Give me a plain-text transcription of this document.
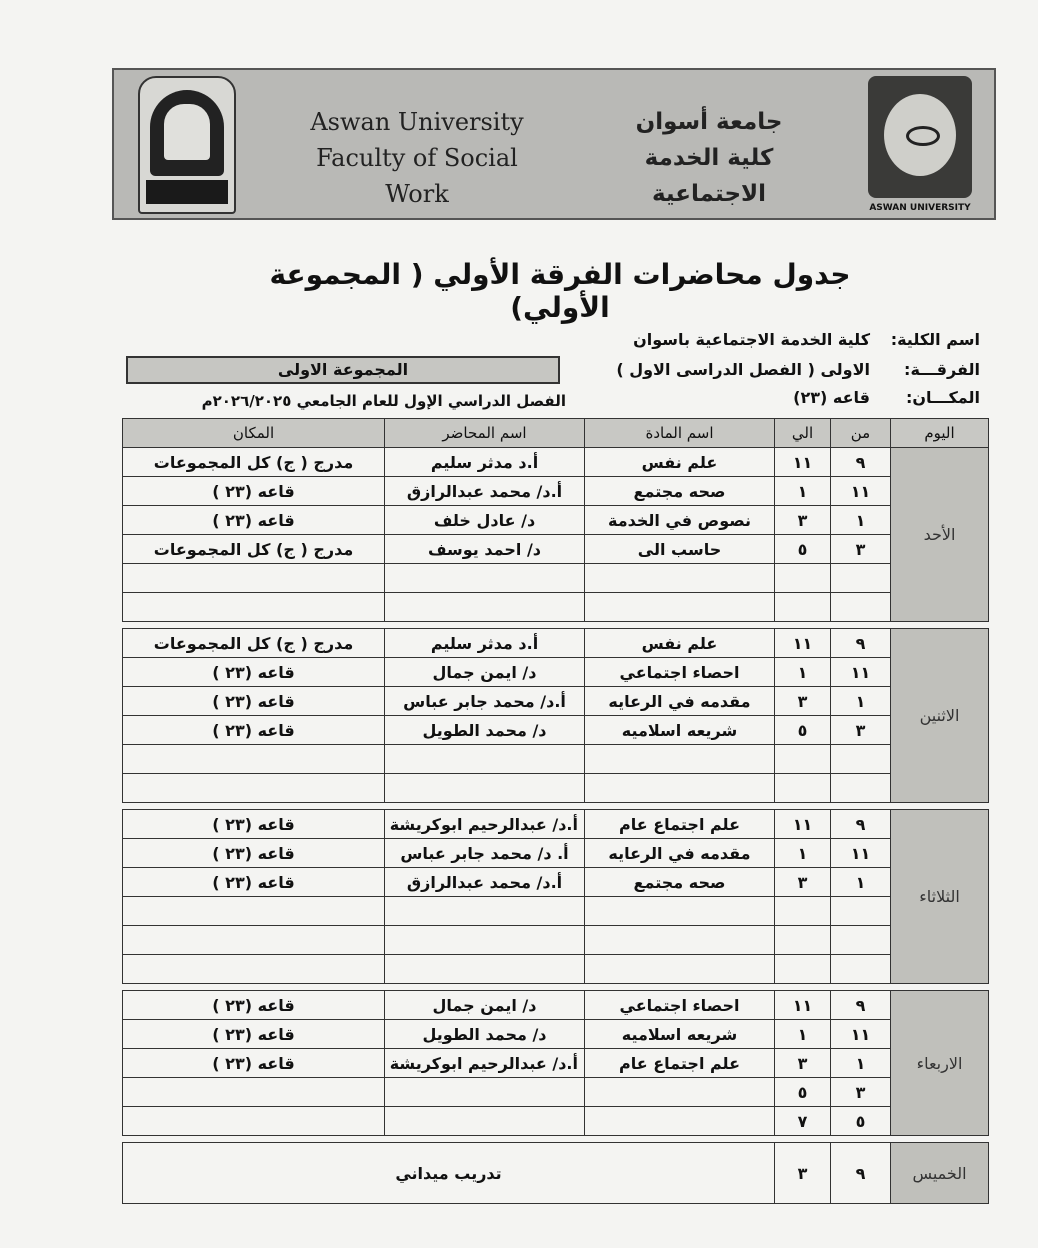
Aswan University
Faculty of Social Work
جامعة أسوان
كلية الخدمة الاجتماعية
ASWAN UNIVERSITY
جدول محاضرات الفرقة الأولي ( المجموعة الأولي)
اسم الكلية:
كلية الخدمة الاجتماعية باسوان
الفرقـــة:
الاولى ( الفصل الدراسى الاول )
المكـــان:
قاعه (٢٣)
المجموعة الاولى
الفصل الدراسي الإول للعام الجامعي ٢٠٢٦/٢٠٢٥م
اليوم	من	الي	اسم المادة	اسم المحاضر	المكان
الأحد	٩	١١	علم نفس	أ.د مدثر سليم	مدرج ( ج) كل المجموعات
	١١	١	صحه مجتمع	أ.د/ محمد عبدالرازق	قاعه (٢٣ )
	١	٣	نصوص في الخدمة	د/ عادل خلف	قاعه (٢٣ )
	٣	٥	حاسب الى	د/ احمد يوسف	مدرج ( ج) كل المجموعات

الاثنين	٩	١١	علم نفس	أ.د مدثر سليم	مدرج ( ج) كل المجموعات
	١١	١	احصاء اجتماعي	د/ ايمن جمال	قاعه (٢٣ )
	١	٣	مقدمه في الرعايه	أ.د/ محمد جابر عباس	قاعه (٢٣ )
	٣	٥	شريعه اسلاميه	د/ محمد الطويل	قاعه (٢٣ )

الثلاثاء	٩	١١	علم اجتماع عام	أ.د/ عبدالرحيم ابوكريشة	قاعه (٢٣ )
	١١	١	مقدمه في الرعايه	أ. د/ محمد جابر عباس	قاعه (٢٣ )
	١	٣	صحه مجتمع	أ.د/ محمد عبدالرازق	قاعه (٢٣ )

الاربعاء	٩	١١	احصاء اجتماعي	د/ ايمن جمال	قاعه (٢٣ )
	١١	١	شريعه اسلاميه	د/ محمد الطويل	قاعه (٢٣ )
	١	٣	علم اجتماع عام	أ.د/ عبدالرحيم ابوكريشة	قاعه (٢٣ )
	٣	٥			
	٥	٧			

الخميس	٩	٣	تدريب ميداني		
